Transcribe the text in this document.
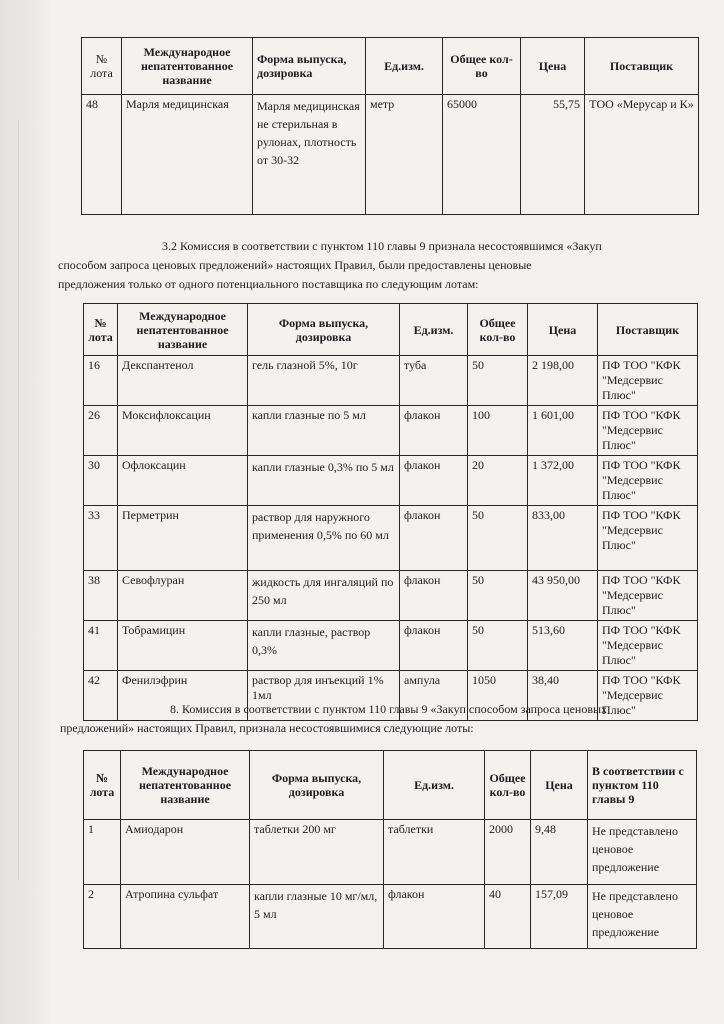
№ лота	Международное непатентованное название	Форма выпуска, дозировка	Ед.изм.	Общее кол-во	Цена	Поставщик
48	Марля медицинская	Марля медицинская не стерильная в рулонах, плотность от 30-32	метр	65000	55,75	ТОО «Мерусар и К»

3.2 Комиссия в соответствии с пунктом 110 главы 9 признала несостоявшимся «Закуп
способом запроса ценовых предложений» настоящих Правил, были предоставлены ценовые
предложения только от одного потенциального поставщика по следующим лотам:

№ лота	Международное непатентованное название	Форма выпуска, дозировка	Ед.изм.	Общее кол-во	Цена	Поставщик
16	Декспантенол	гель глазной 5%, 10г	туба	50	2 198,00	ПФ ТОО "КФК "Медсервис Плюс"
26	Моксифлоксацин	капли глазные по 5 мл	флакон	100	1 601,00	ПФ ТОО "КФК "Медсервис Плюс"
30	Офлоксацин	капли глазные 0,3% по 5 мл	флакон	20	1 372,00	ПФ ТОО "КФК "Медсервис Плюс"
33	Перметрин	раствор для наружного применения 0,5% по 60 мл	флакон	50	833,00	ПФ ТОО "КФК "Медсервис Плюс"
38	Севофлуран	жидкость для ингаляций по 250 мл	флакон	50	43 950,00	ПФ ТОО "КФК "Медсервис Плюс"
41	Тобрамицин	капли глазные, раствор 0,3%	флакон	50	513,60	ПФ ТОО "КФК "Медсервис Плюс"
42	Фенилэфрин	раствор для инъекций 1% 1мл	ампула	1050	38,40	ПФ ТОО "КФК "Медсервис Плюс"

8. Комиссия в соответствии с пунктом 110 главы 9 «Закуп способом запроса ценовых
предложений» настоящих Правил, признала несостоявшимися следующие лоты:

№ лота	Международное непатентованное название	Форма выпуска, дозировка	Ед.изм.	Общее кол-во	Цена	В соответствии с пунктом 110 главы 9
1	Амиодарон	таблетки 200 мг	таблетки	2000	9,48	Не представлено ценовое предложение
2	Атропина сульфат	капли глазные 10 мг/мл, 5 мл	флакон	40	157,09	Не представлено ценовое предложение
